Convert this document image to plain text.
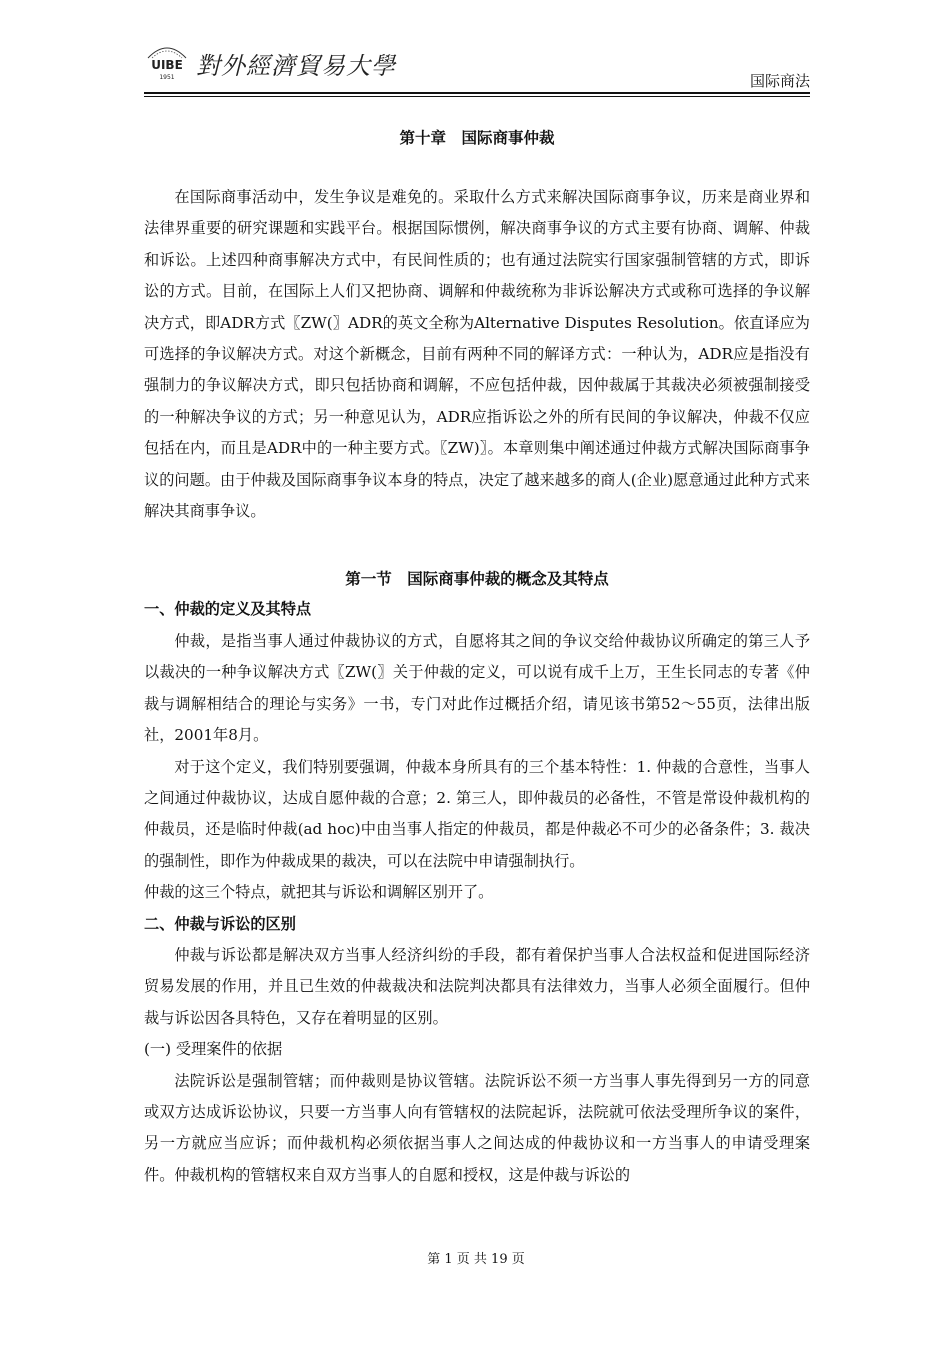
UIBE
1951 對外經濟貿易大學
国际商法
第十章　国际商事仲裁

在国际商事活动中，发生争议是难免的。采取什么方式来解决国际商事争议，历来是商业界和法律界重要的研究课题和实践平台。根据国际惯例，解决商事争议的方式主要有协商、调解、仲裁和诉讼。上述四种商事解决方式中，有民间性质的；也有通过法院实行国家强制管辖的方式，即诉讼的方式。目前，在国际上人们又把协商、调解和仲裁统称为非诉讼解决方式或称可选择的争议解决方式，即ADR方式〖ZW(〗ADR的英文全称为Alternative Disputes Resolution。依直译应为可选择的争议解决方式。对这个新概念，目前有两种不同的解译方式：一种认为，ADR应是指没有强制力的争议解决方式，即只包括协商和调解，不应包括仲裁，因仲裁属于其裁决必须被强制接受的一种解决争议的方式；另一种意见认为，ADR应指诉讼之外的所有民间的争议解决，仲裁不仅应包括在内，而且是ADR中的一种主要方式。〖ZW)〗。本章则集中阐述通过仲裁方式解决国际商事争议的问题。由于仲裁及国际商事争议本身的特点，决定了越来越多的商人(企业)愿意通过此种方式来解决其商事争议。

第一节　国际商事仲裁的概念及其特点
一、仲裁的定义及其特点

仲裁，是指当事人通过仲裁协议的方式，自愿将其之间的争议交给仲裁协议所确定的第三人予以裁决的一种争议解决方式〖ZW(〗关于仲裁的定义，可以说有成千上万，王生长同志的专著《仲裁与调解相结合的理论与实务》一书，专门对此作过概括介绍，请见该书第52～55页，法律出版社，2001年8月。

对于这个定义，我们特别要强调，仲裁本身所具有的三个基本特性：1. 仲裁的合意性，当事人之间通过仲裁协议，达成自愿仲裁的合意；2. 第三人，即仲裁员的必备性，不管是常设仲裁机构的仲裁员，还是临时仲裁(ad hoc)中由当事人指定的仲裁员，都是仲裁必不可少的必备条件；3. 裁决的强制性，即作为仲裁成果的裁决，可以在法院中申请强制执行。

仲裁的这三个特点，就把其与诉讼和调解区别开了。

二、仲裁与诉讼的区别

仲裁与诉讼都是解决双方当事人经济纠纷的手段，都有着保护当事人合法权益和促进国际经济贸易发展的作用，并且已生效的仲裁裁决和法院判决都具有法律效力，当事人必须全面履行。但仲裁与诉讼因各具特色，又存在着明显的区别。

(一) 受理案件的依据

法院诉讼是强制管辖；而仲裁则是协议管辖。法院诉讼不须一方当事人事先得到另一方的同意或双方达成诉讼协议，只要一方当事人向有管辖权的法院起诉，法院就可依法受理所争议的案件，另一方就应当应诉；而仲裁机构必须依据当事人之间达成的仲裁协议和一方当事人的申请受理案件。仲裁机构的管辖权来自双方当事人的自愿和授权，这是仲裁与诉讼的

第 1 页 共 19 页
